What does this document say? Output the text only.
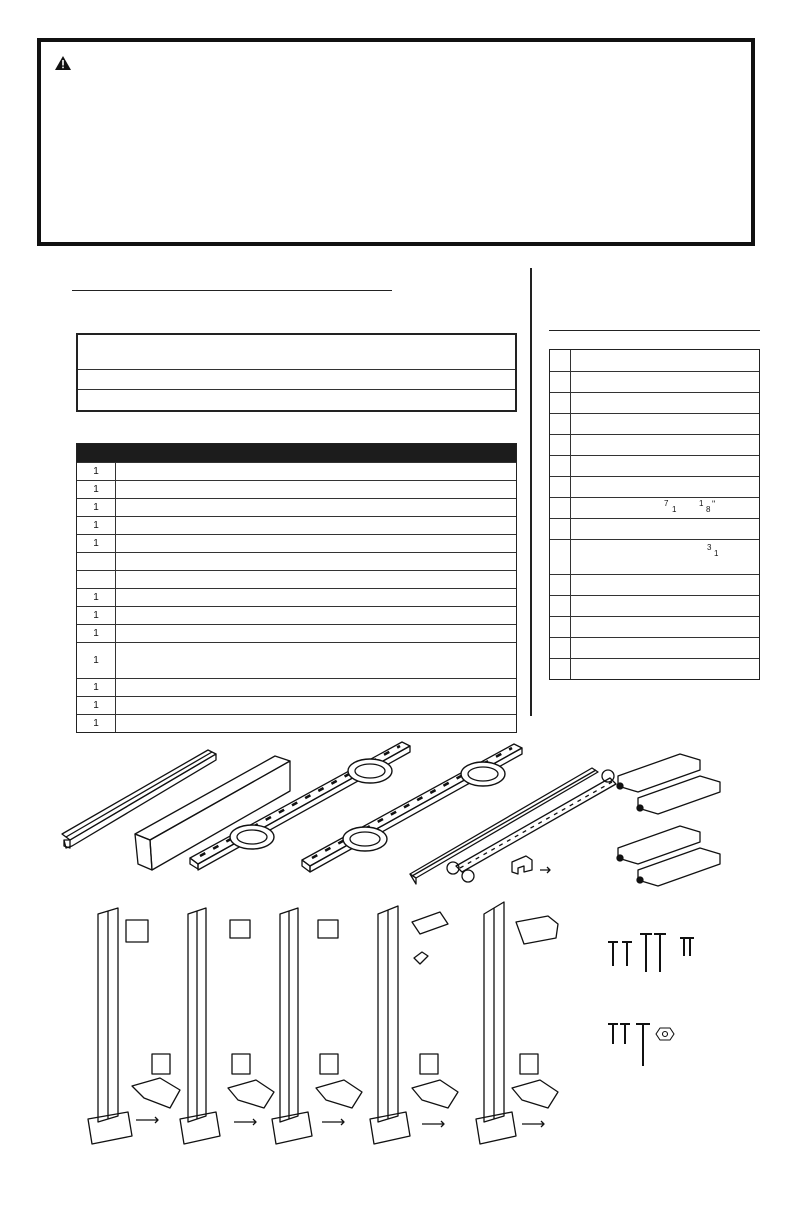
1
1
1
1
1
1
1
1
1
1
1
1
7
1
1
8
"
3
1
